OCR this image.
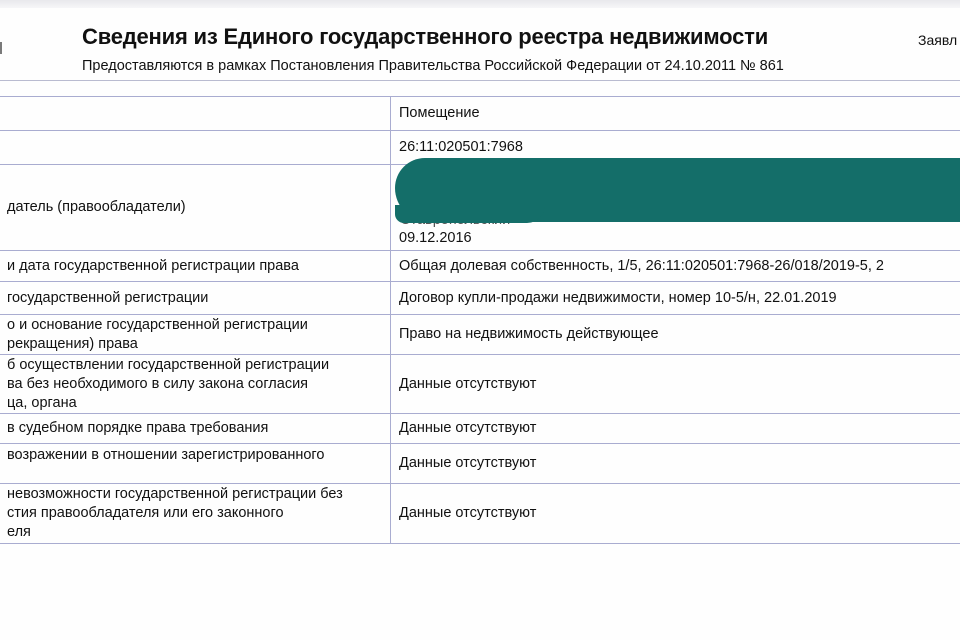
Сведения из Единого государственного реестра недвижимости	Заявл
Предоставляются в рамках Постановления Правительства Российской Федерации от 24.10.2011 № 861

	Помещение

	26:11:020501:7968

датель (правообладатели)	09.12.2016

и дата государственной регистрации права	Общая долевая собственность, 1/5, 26:11:020501:7968-26/018/2019-5, 2

государственной регистрации	Договор купли-продажи недвижимости, номер 10-5/н, 22.01.2019

о и основание государственной регистрации
рекращения) права	Право на недвижимость действующее

б осуществлении государственной регистрации
ва без необходимого в силу закона согласия
ца, органа	Данные отсутствуют

в судебном порядке права требования	Данные отсутствуют

возражении в отношении зарегистрированного	Данные отсутствуют

невозможности государственной регистрации без
стия правообладателя или его законного
еля	Данные отсутствуют
